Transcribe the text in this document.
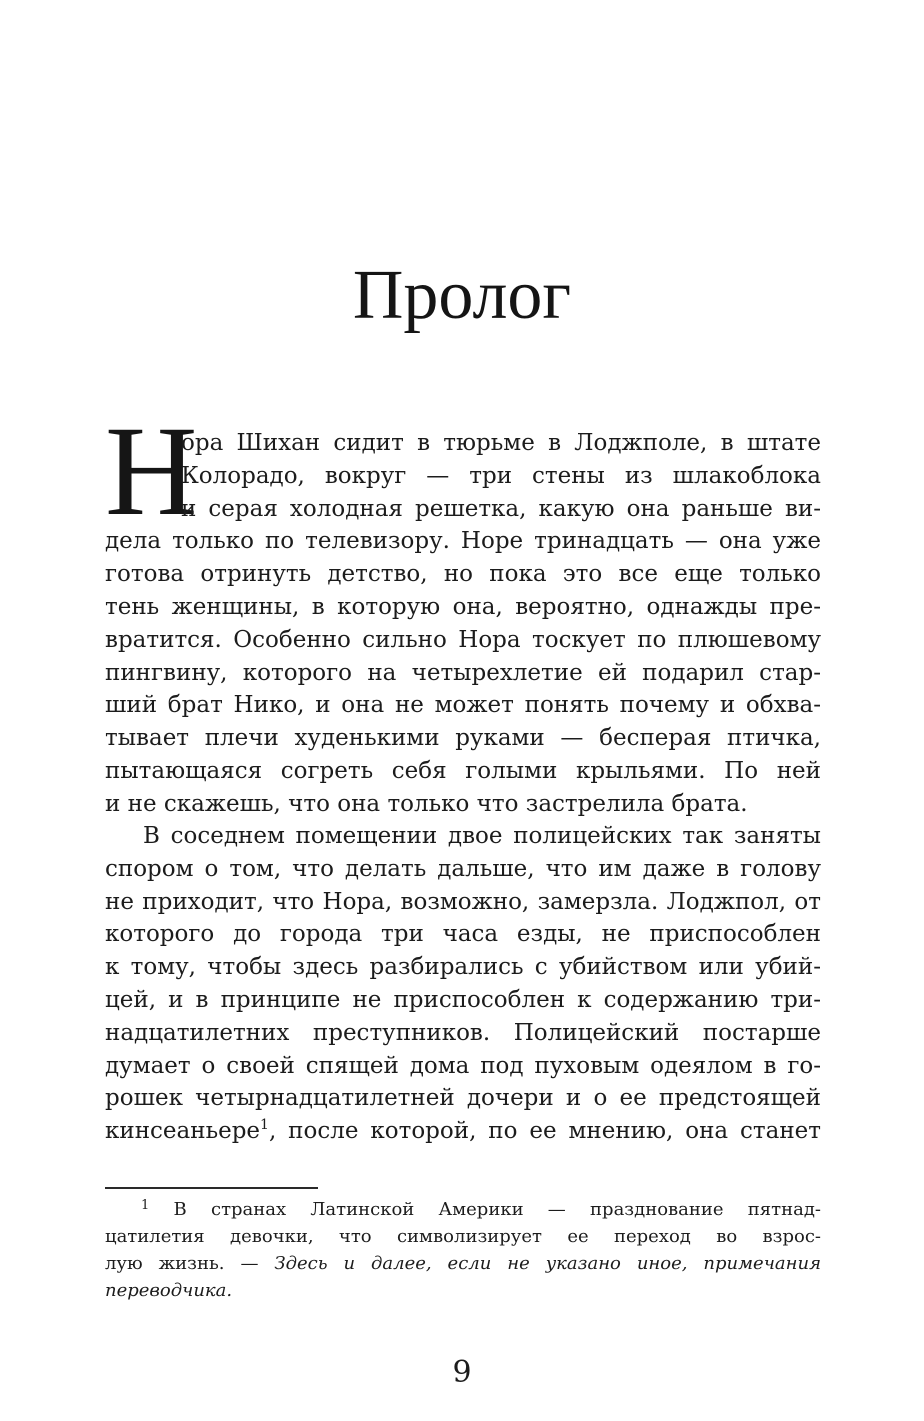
Пролог
Н
ора Шихан сидит в тюрьме в Лоджполе, в штате
Колорадо, вокруг — три стены из шлакоблока
и серая холодная решетка, какую она раньше ви-
дела только по телевизору. Норе тринадцать — она уже
готова отринуть детство, но пока это все еще только
тень женщины, в которую она, вероятно, однажды пре-
вратится. Особенно сильно Нора тоскует по плюшевому
пингвину, которого на четырехлетие ей подарил стар-
ший брат Нико, и она не может понять почему и обхва-
тывает плечи худенькими руками — бесперая птичка,
пытающаяся согреть себя голыми крыльями. По ней
и не скажешь, что она только что застрелила брата.
В соседнем помещении двое полицейских так заняты
спором о том, что делать дальше, что им даже в голову
не приходит, что Нора, возможно, замерзла. Лоджпол, от
которого до города три часа езды, не приспособлен
к тому, чтобы здесь разбирались с убийством или убий-
цей, и в принципе не приспособлен к содержанию три-
надцатилетних преступников. Полицейский постарше
думает о своей спящей дома под пуховым одеялом в го-
рошек четырнадцатилетней дочери и о ее предстоящей
кинсеаньере$^1$, после которой, по ее мнению, она станет
$^1$ В странах Латинской Америки — празднование пятнад-
цатилетия девочки, что символизирует ее переход во взрос-
лую жизнь. — Здесь и далее, если не указано иное, примечания
переводчика.
9
